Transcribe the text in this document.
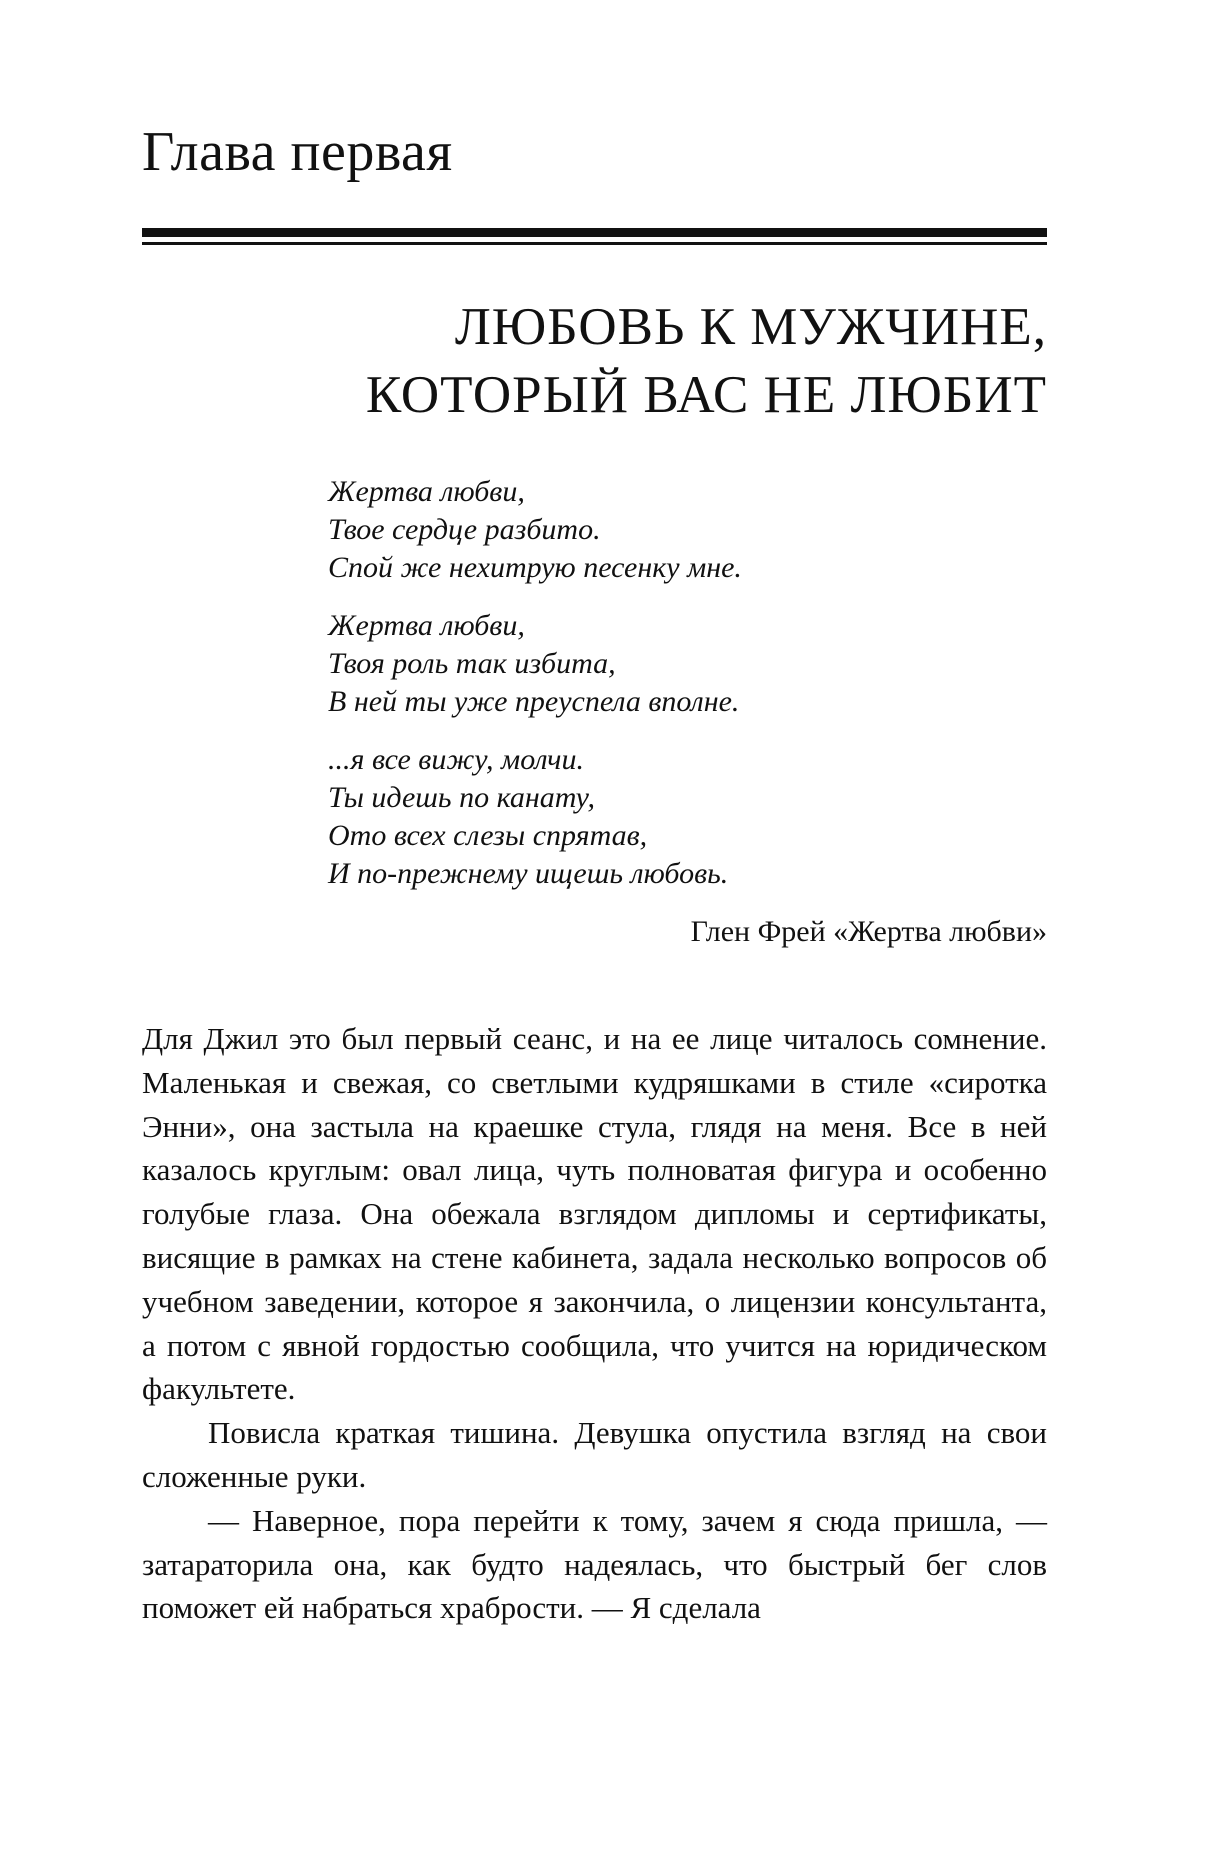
Глава первая
ЛЮБОВЬ К МУЖЧИНЕ,
КОТОРЫЙ ВАС НЕ ЛЮБИТ

Жертва любви,
Твое сердце разбито.
Спой же нехитрую песенку мне.

Жертва любви,
Твоя роль так избита,
В ней ты уже преуспела вполне.

...я все вижу, молчи.
Ты идешь по канату,
Ото всех слезы спрятав,
И по-прежнему ищешь любовь.

Глен Фрей «Жертва любви»

Для Джил это был первый сеанс, и на ее лице читалось сомнение. Маленькая и свежая, со светлыми кудряшками в стиле «сиротка Энни», она застыла на краешке стула, глядя на меня. Все в ней казалось круглым: овал лица, чуть полноватая фигура и особенно голубые глаза. Она обежала взглядом дипломы и сертификаты, висящие в рамках на стене кабинета, задала несколько вопросов об учебном заведении, которое я закончила, о лицензии консультанта, а потом с явной гордостью сообщила, что учится на юридическом факультете.

Повисла краткая тишина. Девушка опустила взгляд на свои сложенные руки.

— Наверное, пора перейти к тому, зачем я сюда пришла, — затараторила она, как будто надеялась, что быстрый бег слов поможет ей набраться храбрости. — Я сделала
